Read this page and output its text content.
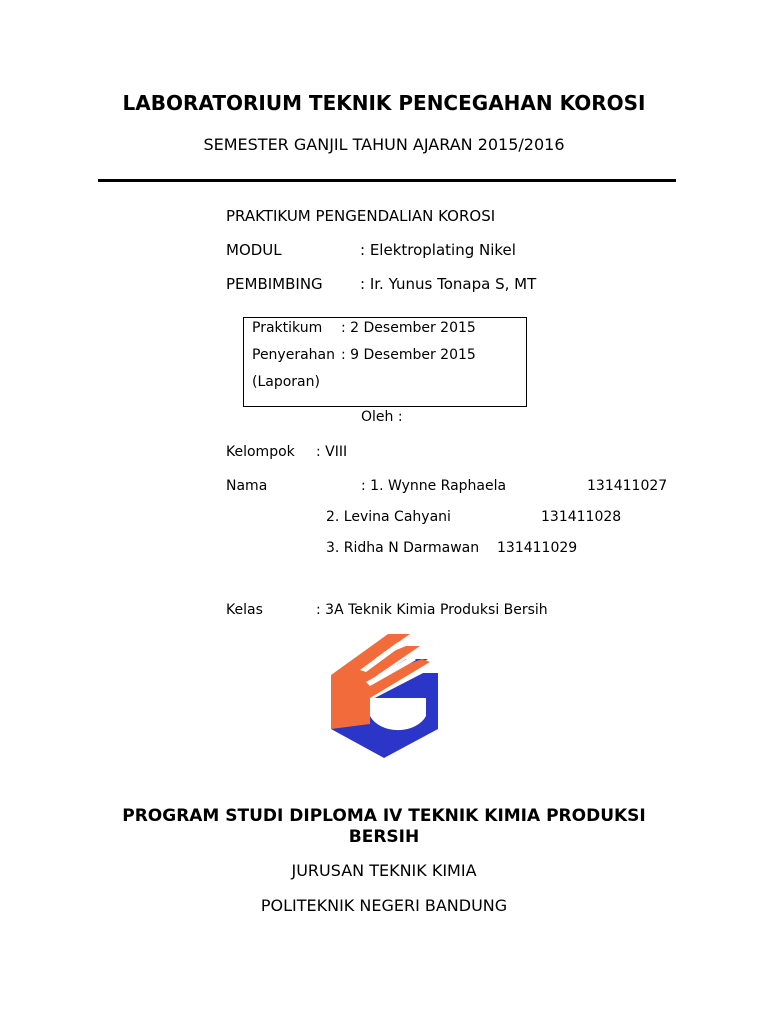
LABORATORIUM TEKNIK PENCEGAHAN KOROSI
SEMESTER GANJIL TAHUN AJARAN 2015/2016
PRAKTIKUM PENGENDALIAN KOROSI
MODUL	: Elektroplating Nikel
PEMBIMBING : Ir. Yunus Tonapa S, MT
Praktikum : 2 Desember 2015
Penyerahan : 9 Desember 2015
(Laporan)
Oleh :
Kelompok : VIII
Nama	: 1. Wynne Raphaela	131411027
2. Levina Cahyani	131411028
3. Ridha N Darmawan 131411029
Kelas	: 3A Teknik Kimia Produksi Bersih
PROGRAM STUDI DIPLOMA IV TEKNIK KIMIA PRODUKSI
BERSIH
JURUSAN TEKNIK KIMIA
POLITEKNIK NEGERI BANDUNG
